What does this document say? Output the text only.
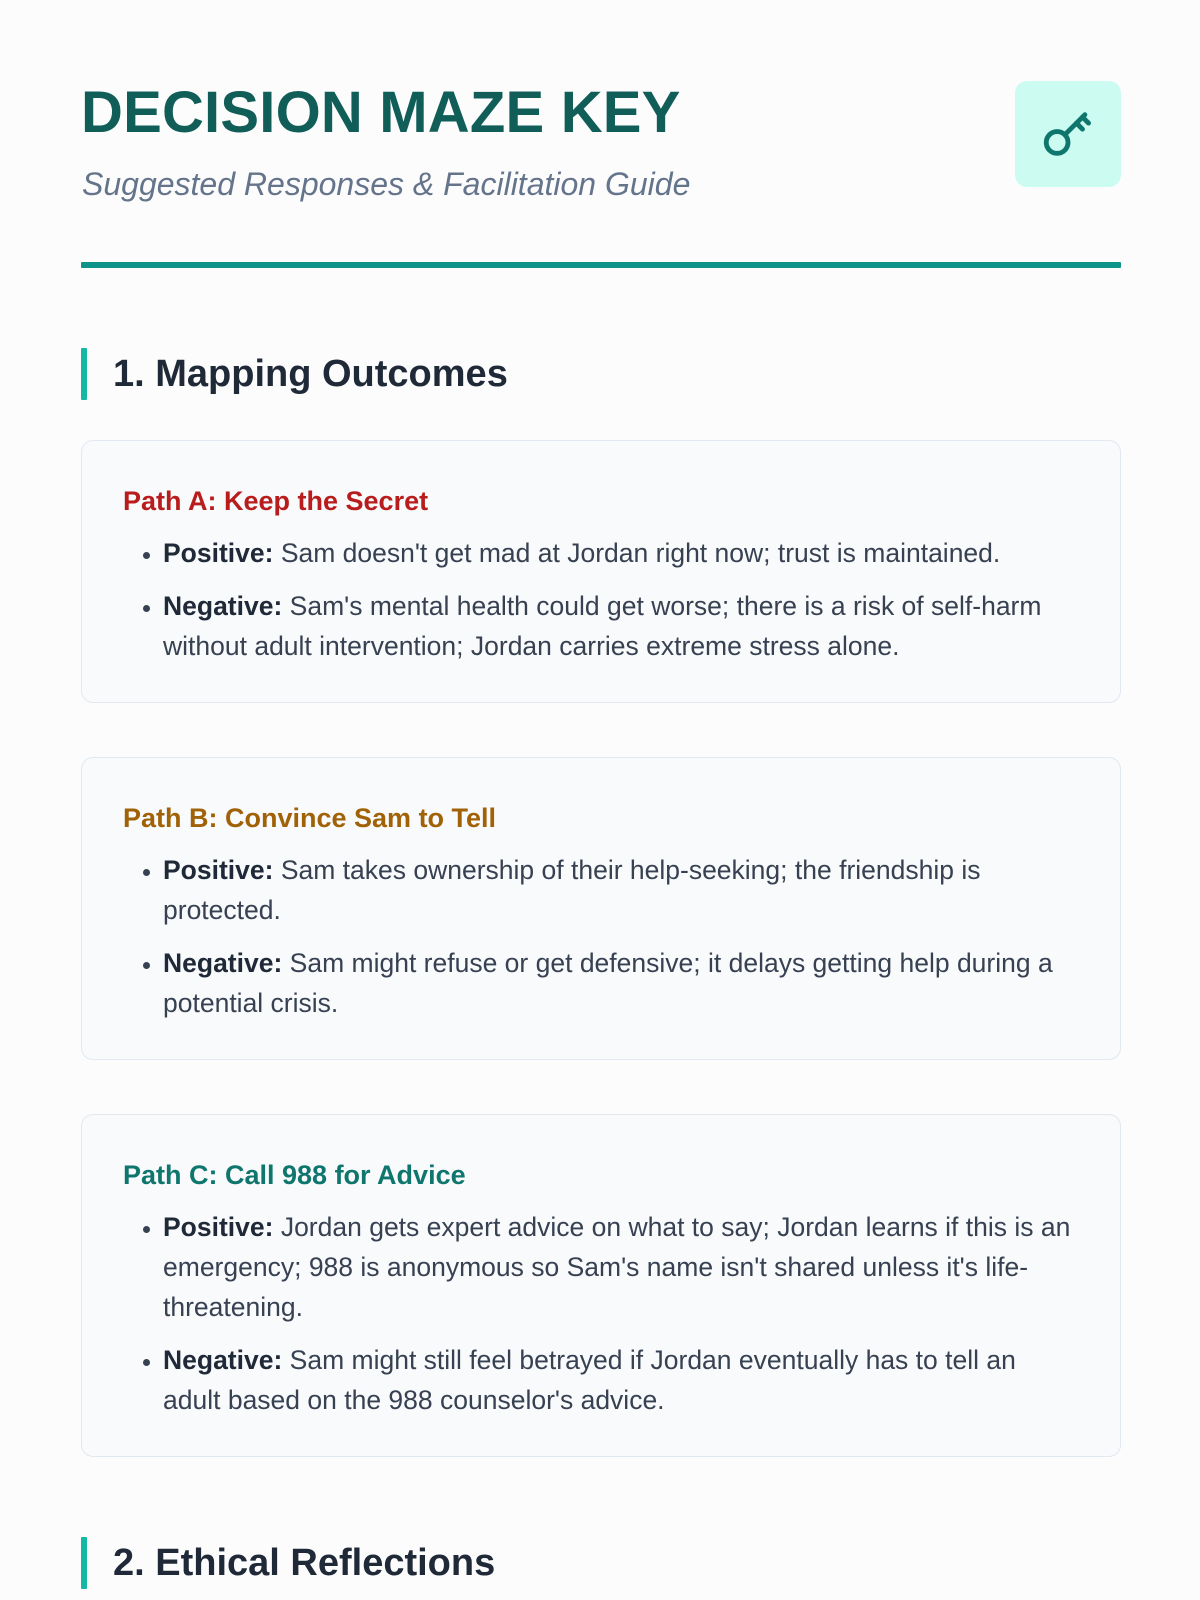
DECISION MAZE KEY

Suggested Responses & Facilitation Guide

1. Mapping Outcomes
Path A: Keep the Secret
• Positive: Sam doesn't get mad at Jordan right now; trust is maintained.
• Negative: Sam's mental health could get worse; there is a risk of self-harm without adult intervention; Jordan carries extreme stress alone.
Path B: Convince Sam to Tell
• Positive: Sam takes ownership of their help-seeking; the friendship is protected.
• Negative: Sam might refuse or get defensive; it delays getting help during a potential crisis.
Path C: Call 988 for Advice
• Positive: Jordan gets expert advice on what to say; Jordan learns if this is an emergency; 988 is anonymous so Sam's name isn't shared unless it's life-threatening.
• Negative: Sam might still feel betrayed if Jordan eventually has to tell an adult based on the 988 counselor's advice.
2. Ethical Reflections
